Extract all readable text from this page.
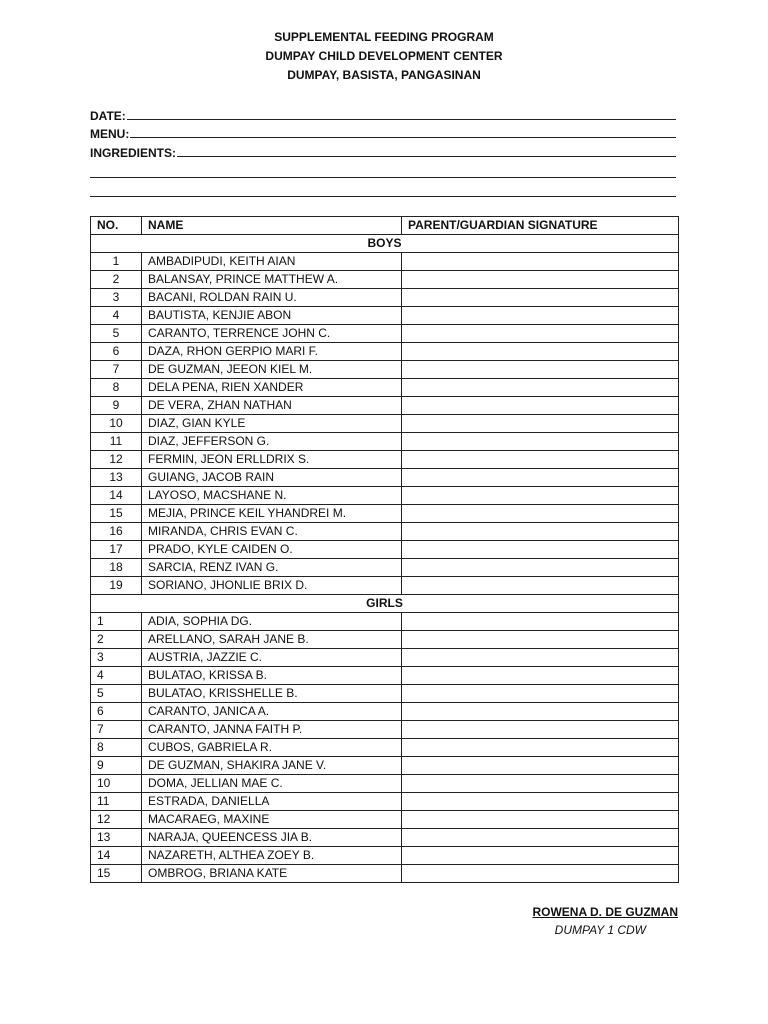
SUPPLEMENTAL FEEDING PROGRAM
DUMPAY CHILD DEVELOPMENT CENTER
DUMPAY, BASISTA, PANGASINAN
DATE:
MENU:
INGREDIENTS:
NO.	NAME	PARENT/GUARDIAN SIGNATURE
BOYS		
1	AMBADIPUDI, KEITH AIAN	
2	BALANSAY, PRINCE MATTHEW A.	
3	BACANI, ROLDAN RAIN U.	
4	BAUTISTA, KENJIE ABON	
5	CARANTO, TERRENCE JOHN C.	
6	DAZA, RHON GERPIO MARI F.	
7	DE GUZMAN, JEEON KIEL M.	
8	DELA PENA, RIEN XANDER	
9	DE VERA, ZHAN NATHAN	
10	DIAZ, GIAN KYLE	
11	DIAZ, JEFFERSON G.	
12	FERMIN, JEON ERLLDRIX S.	
13	GUIANG, JACOB RAIN	
14	LAYOSO, MACSHANE N.	
15	MEJIA, PRINCE KEIL YHANDREI M.	
16	MIRANDA, CHRIS EVAN C.	
17	PRADO, KYLE CAIDEN O.	
18	SARCIA, RENZ IVAN G.	
19	SORIANO, JHONLIE BRIX D.	
GIRLS		
1	ADIA, SOPHIA DG.	
2	ARELLANO, SARAH JANE B.	
3	AUSTRIA, JAZZIE C.	
4	BULATAO, KRISSA B.	
5	BULATAO, KRISSHELLE B.	
6	CARANTO, JANICA A.	
7	CARANTO, JANNA FAITH P.	
8	CUBOS, GABRIELA R.	
9	DE GUZMAN, SHAKIRA JANE V.	
10	DOMA, JELLIAN MAE C.	
11	ESTRADA, DANIELLA	
12	MACARAEG, MAXINE	
13	NARAJA, QUEENCESS JIA B.	
14	NAZARETH, ALTHEA ZOEY B.	
15	OMBROG, BRIANA KATE	
ROWENA D. DE GUZMAN
DUMPAY 1 CDW
